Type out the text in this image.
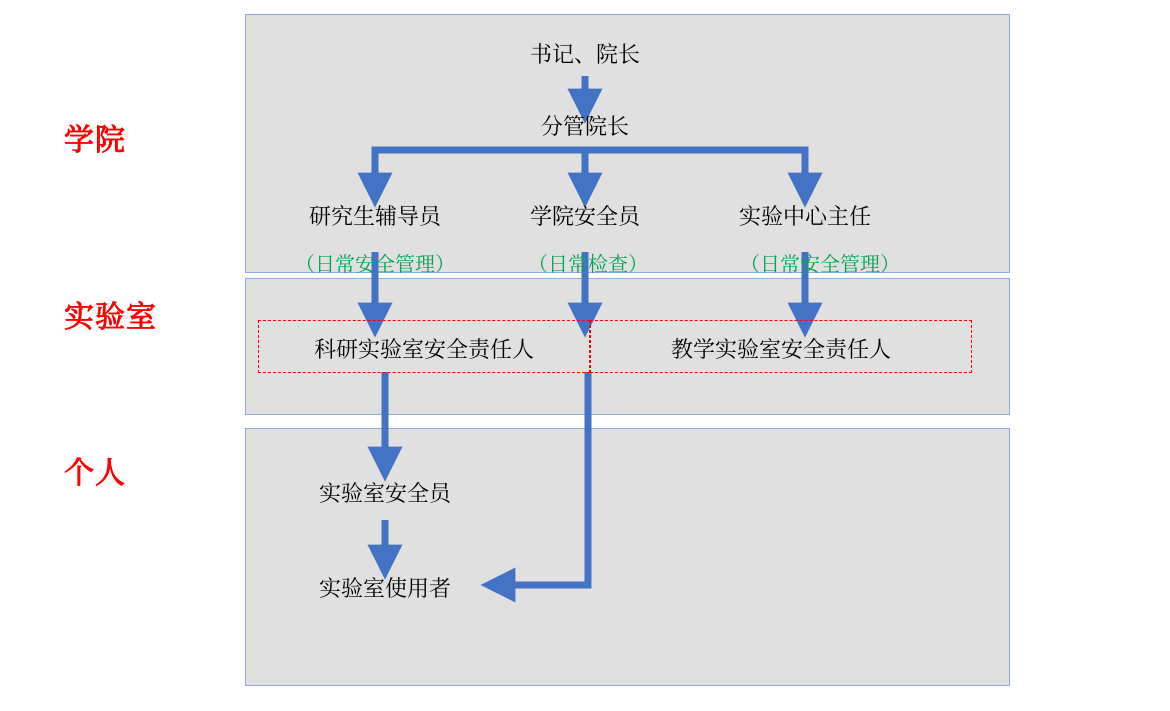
学院
实验室
个人
书记、院长
分管院长
研究生辅导员	学院安全员	实验中心主任
（日常安全管理）	（日常检查）	（日常安全管理）
科研实验室安全责任人	教学实验室安全责任人
实验室安全员
实验室使用者
